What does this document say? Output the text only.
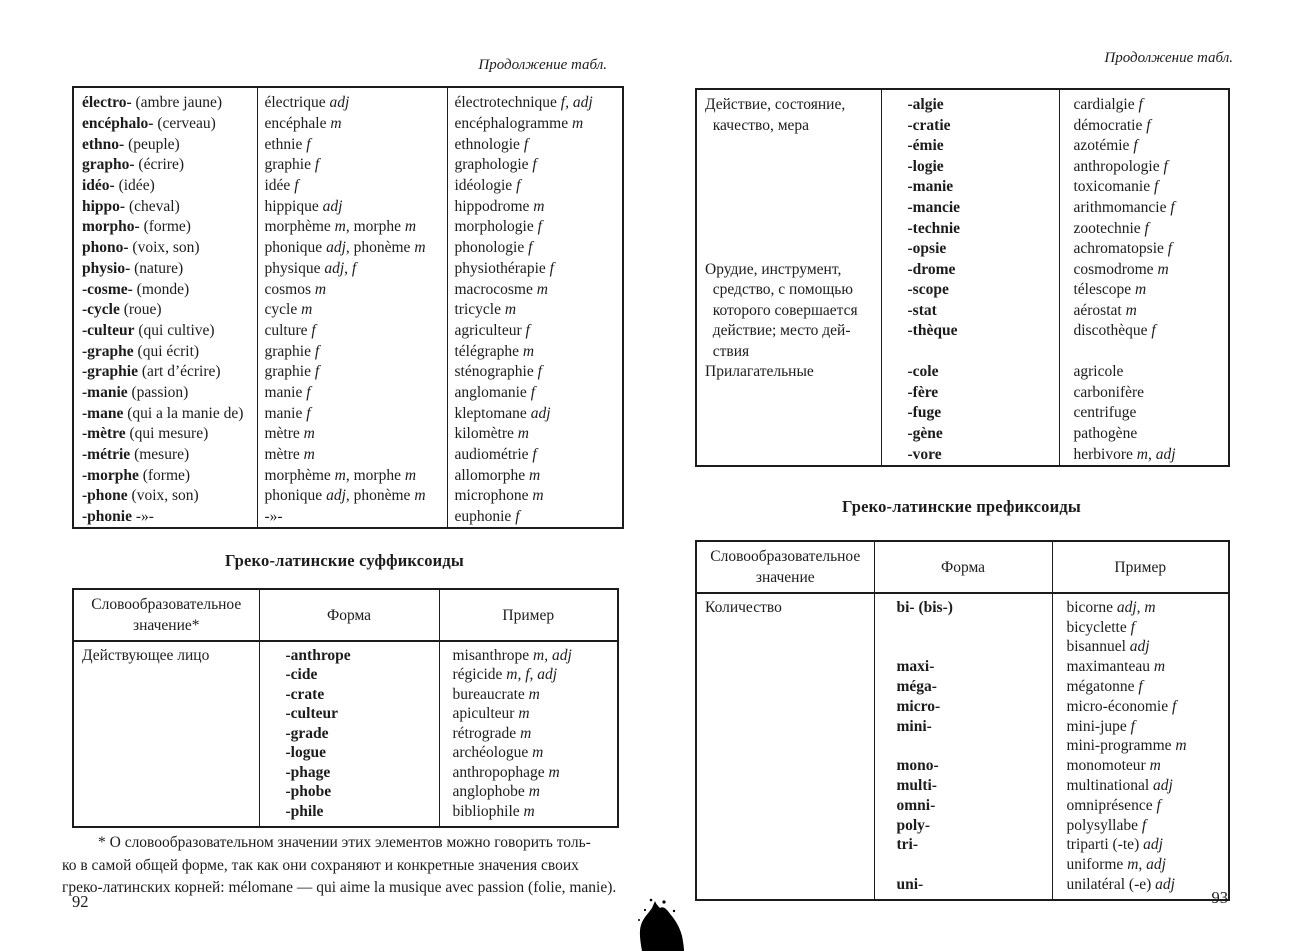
Продолжение табл.
électro- (ambre jaune)	électrique adj	électrotechnique f, adj
encéphalo- (cerveau)	encéphale m	encéphalogramme m
ethno- (peuple)	ethnie f	ethnologie f
grapho- (écrire)	graphie f	graphologie f
idéo- (idée)	idée f	idéologie f
hippo- (cheval)	hippique adj	hippodrome m
morpho- (forme)	morphème m, morphe m	morphologie f
phono- (voix, son)	phonique adj, phonème m	phonologie f
physio- (nature)	physique adj, f	physiothérapie f
-cosme- (monde)	cosmos m	macrocosme m
-cycle (roue)	cycle m	tricycle m
-culteur (qui cultive)	culture f	agriculteur f
-graphe (qui écrit)	graphie f	télégraphe m
-graphie (art d’écrire)	graphie f	sténographie f
-manie (passion)	manie f	anglomanie f
-mane (qui a la manie de)	manie f	kleptomane adj
-mètre (qui mesure)	mètre m	kilomètre m
-métrie (mesure)	mètre m	audiométrie f
-morphe (forme)	morphème m, morphe m	allomorphe m
-phone (voix, son)	phonique adj, phonème m	microphone m
-phonie -»-	-»-	euphonie f
Греко-латинские суффиксоиды
Словообразовательное
значение*	Форма	Пример
Действующее лицо	-anthrope	misanthrope m, adj
	-cide	régicide m, f, adj
	-crate	bureaucrate m
	-culteur	apiculteur m
	-grade	rétrograde m
	-logue	archéologue m
	-phage	anthropophage m
	-phobe	anglophobe m
	-phile	bibliophile m
* О словообразовательном значении этих элементов можно говорить толь-
ко в самой общей форме, так как они сохраняют и конкретные значения своих
греко-латинских корней: mélomane — qui aime la musique avec passion (folie, manie).
92
Продолжение табл.
Действие, состояние,	-algie	cardialgie f
качество, мера	-cratie	démocratie f
	-émie	azotémie f
	-logie	anthropologie f
	-manie	toxicomanie f
	-mancie	arithmomancie f
	-technie	zootechnie f
	-opsie	achromatopsie f
Орудие, инструмент,	-drome	cosmodrome m
средство, с помощью	-scope	télescope m
которого совершается	-stat	aérostat m
действие; место дей-	-thèque	discothèque f
ствия		
Прилагательные	-cole	agricole
	-fère	carbonifère
	-fuge	centrifuge
	-gène	pathogène
	-vore	herbivore m, adj
Греко-латинские префиксоиды
Словообразовательное
значение	Форма	Пример
Количество	bi- (bis-)	bicorne adj, m
		bicyclette f
		bisannuel adj
	maxi-	maximanteau m
	méga-	mégatonne f
	micro-	micro-économie f
	mini-	mini-jupe f
		mini-programme m
	mono-	monomoteur m
	multi-	multinational adj
	omni-	omniprésence f
	poly-	polysyllabe f
	tri-	triparti (-te) adj
		uniforme m, adj
	uni-	unilatéral (-e) adj
93
